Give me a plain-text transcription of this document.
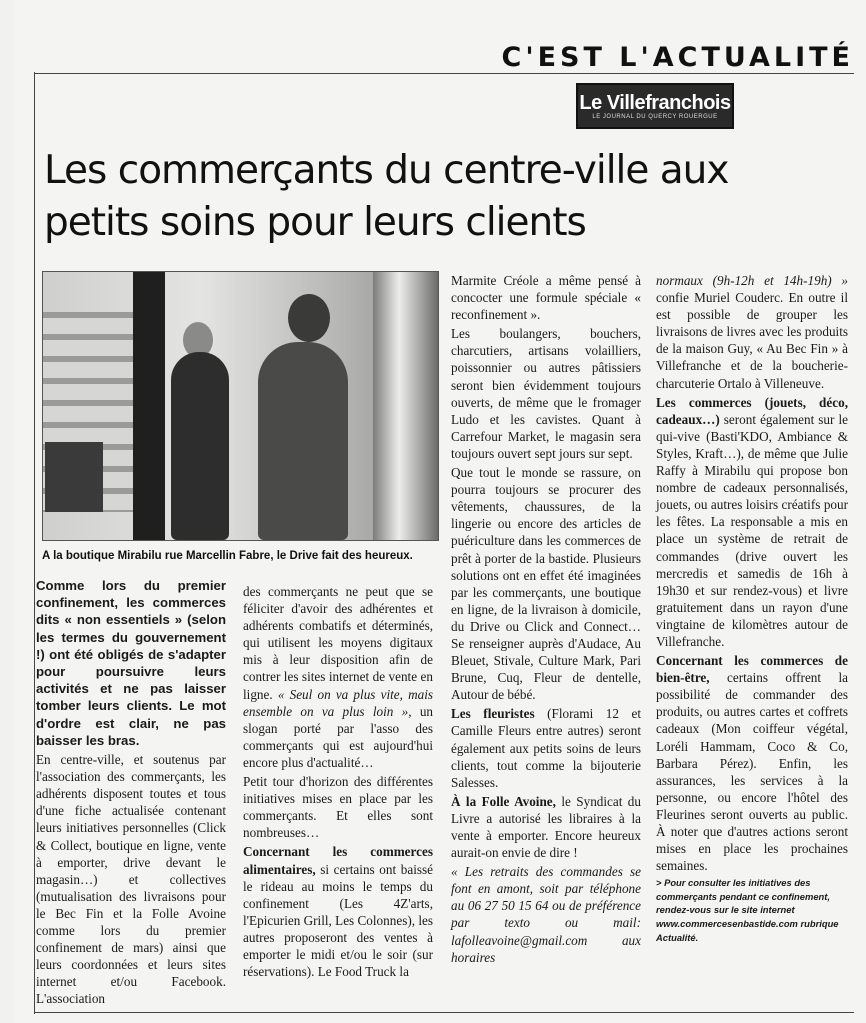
C'EST L'ACTUALITÉ
Le Villefranchois
LE JOURNAL DU QUERCY ROUERGUE
Les commerçants du centre-ville aux petits soins pour leurs clients
A la boutique Mirabilu rue Marcellin Fabre, le Drive fait des heureux.

Comme lors du premier confinement, les commerces dits « non essentiels » (selon les termes du gouvernement !) ont été obligés de s'adapter pour poursuivre leurs activités et ne pas laisser tomber leurs clients. Le mot d'ordre est clair, ne pas baisser les bras.

En centre-ville, et soutenus par l'association des commerçants, les adhérents disposent toutes et tous d'une fiche actualisée contenant leurs initiatives personnelles (Click & Collect, boutique en ligne, vente à emporter, drive devant le magasin…) et collectives (mutualisation des livraisons pour le Bec Fin et la Folle Avoine comme lors du premier confinement de mars) ainsi que leurs coordonnées et leurs sites internet et/ou Facebook. L'association

des commerçants ne peut que se féliciter d'avoir des adhérentes et adhérents combatifs et déterminés, qui utilisent les moyens digitaux mis à leur disposition afin de contrer les sites internet de vente en ligne. « Seul on va plus vite, mais ensemble on va plus loin », un slogan porté par l'asso des commerçants qui est aujourd'hui encore plus d'actualité…

Petit tour d'horizon des différentes initiatives mises en place par les commerçants. Et elles sont nombreuses…

Concernant les commerces alimentaires, si certains ont baissé le rideau au moins le temps du confinement (Les 4Z'arts, l'Epicurien Grill, Les Colonnes), les autres proposeront des ventes à emporter le midi et/ou le soir (sur réservations). Le Food Truck la

Marmite Créole a même pensé à concocter une formule spéciale « reconfinement ».

Les boulangers, bouchers, charcutiers, artisans volailliers, poissonnier ou autres pâtissiers seront bien évidemment toujours ouverts, de même que le fromager Ludo et les cavistes. Quant à Carrefour Market, le magasin sera toujours ouvert sept jours sur sept.

Que tout le monde se rassure, on pourra toujours se procurer des vêtements, chaussures, de la lingerie ou encore des articles de puériculture dans les commerces de prêt à porter de la bastide. Plusieurs solutions ont en effet été imaginées par les commerçants, une boutique en ligne, de la livraison à domicile, du Drive ou Click and Connect… Se renseigner auprès d'Audace, Au Bleuet, Stivale, Culture Mark, Pari Brune, Cuq, Fleur de dentelle, Autour de bébé.

Les fleuristes (Florami 12 et Camille Fleurs entre autres) seront également aux petits soins de leurs clients, tout comme la bijouterie Salesses.

À la Folle Avoine, le Syndicat du Livre a autorisé les libraires à la vente à emporter. Encore heureux aurait-on envie de dire !

« Les retraits des commandes se font en amont, soit par téléphone au 06 27 50 15 64 ou de préférence par texto ou mail: lafolleavoine@gmail.com aux horaires

normaux (9h-12h et 14h-19h) » confie Muriel Couderc. En outre il est possible de grouper les livraisons de livres avec les produits de la maison Guy, « Au Bec Fin » à Villefranche et de la boucherie-charcuterie Ortalo à Villeneuve.

Les commerces (jouets, déco, cadeaux…) seront également sur le qui-vive (Basti'KDO, Ambiance & Styles, Kraft…), de même que Julie Raffy à Mirabilu qui propose bon nombre de cadeaux personnalisés, jouets, ou autres loisirs créatifs pour les fêtes. La responsable a mis en place un système de retrait de commandes (drive ouvert les mercredis et samedis de 16h à 19h30 et sur rendez-vous) et livre gratuitement dans un rayon d'une vingtaine de kilomètres autour de Villefranche.

Concernant les commerces de bien-être, certains offrent la possibilité de commander des produits, ou autres cartes et coffrets cadeaux (Mon coiffeur végétal, Loréli Hammam, Coco & Co, Barbara Pérez). Enfin, les assurances, les services à la personne, ou encore l'hôtel des Fleurines seront ouverts au public. À noter que d'autres actions seront mises en place les prochaines semaines.

> Pour consulter les initiatives des commerçants pendant ce confinement, rendez-vous sur le site internet www.commercesenbastide.com rubrique Actualité.
